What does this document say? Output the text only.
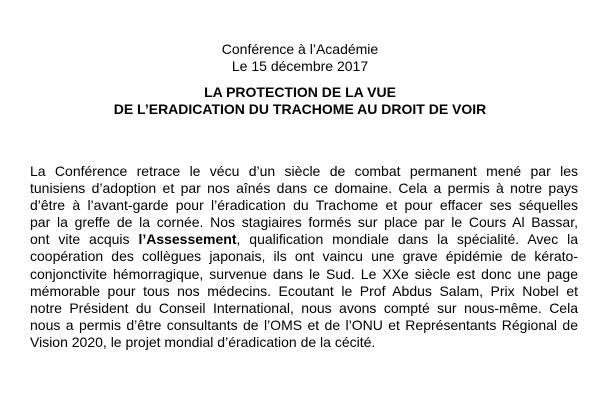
Conférence à l’Académie
Le 15 décembre 2017
LA PROTECTION DE LA VUE
DE L’ERADICATION DU TRACHOME AU DROIT DE VOIR
La Conférence retrace le vécu d’un siècle de combat permanent mené par les
tunisiens d’adoption et par nos aînés dans ce domaine. Cela a permis à notre pays
d’être à l’avant-garde pour l’éradication du Trachome et pour effacer ses séquelles
par la greffe de la cornée. Nos stagiaires formés sur place par le Cours Al Bassar,
ont vite acquis l’Assessement, qualification mondiale dans la spécialité. Avec la
coopération des collègues japonais, ils ont vaincu une grave épidémie de kérato-
conjonctivite hémorragique, survenue dans le Sud. Le XXe siècle est donc une page
mémorable pour tous nos médecins. Ecoutant le Prof Abdus Salam, Prix Nobel et
notre Président du Conseil International, nous avons compté sur nous-même. Cela
nous a permis d’être consultants de l’OMS et de l’ONU et Représentants Régional de
Vision 2020, le projet mondial d’éradication de la cécité.
